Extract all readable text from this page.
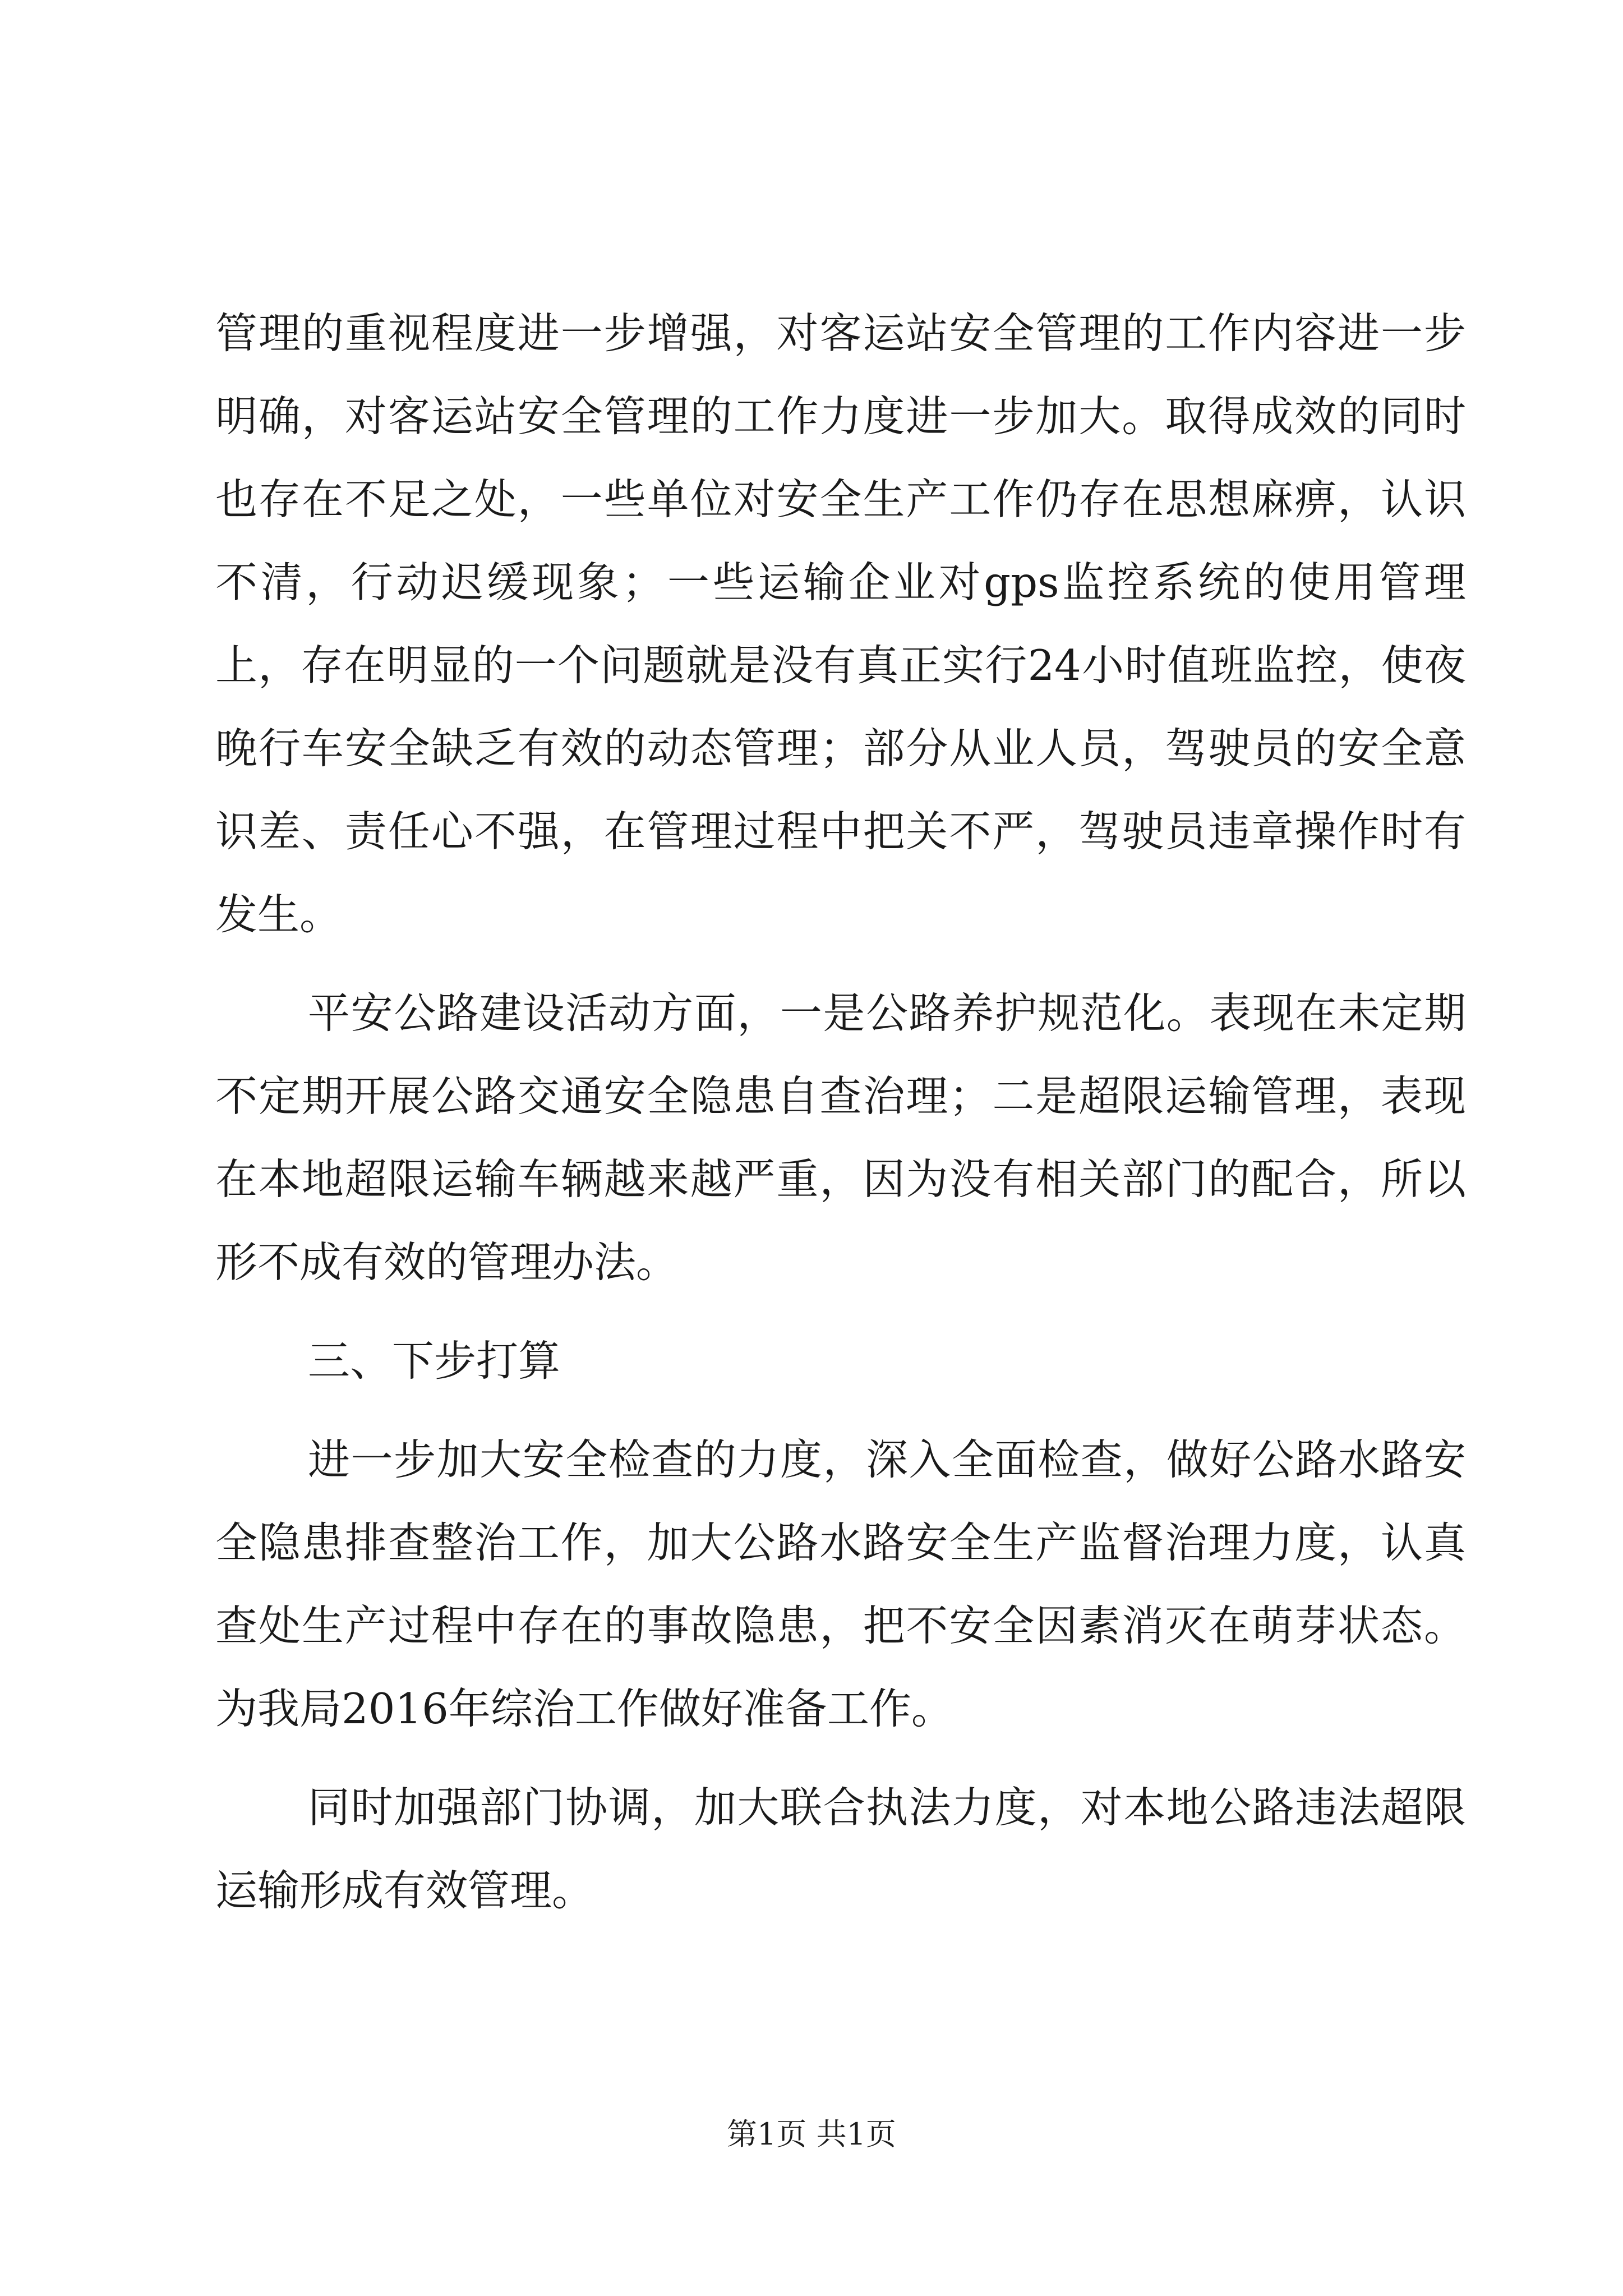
管理的重视程度进一步增强，对客运站安全管理的工作内容进一步明确，对客运站安全管理的工作力度进一步加大。取得成效的同时也存在不足之处，一些单位对安全生产工作仍存在思想麻痹，认识不清，行动迟缓现象；一些运输企业对gps监控系统的使用管理上，存在明显的一个问题就是没有真正实行24小时值班监控，使夜晚行车安全缺乏有效的动态管理；部分从业人员，驾驶员的安全意识差、责任心不强，在管理过程中把关不严，驾驶员违章操作时有发生。

平安公路建设活动方面，一是公路养护规范化。表现在未定期不定期开展公路交通安全隐患自查治理；二是超限运输管理，表现在本地超限运输车辆越来越严重，因为没有相关部门的配合，所以形不成有效的管理办法。

三、下步打算

进一步加大安全检查的力度，深入全面检查，做好公路水路安全隐患排查整治工作，加大公路水路安全生产监督治理力度，认真查处生产过程中存在的事故隐患，把不安全因素消灭在萌芽状态。为我局2016年综治工作做好准备工作。

同时加强部门协调，加大联合执法力度，对本地公路违法超限运输形成有效管理。

第1页 共1页
